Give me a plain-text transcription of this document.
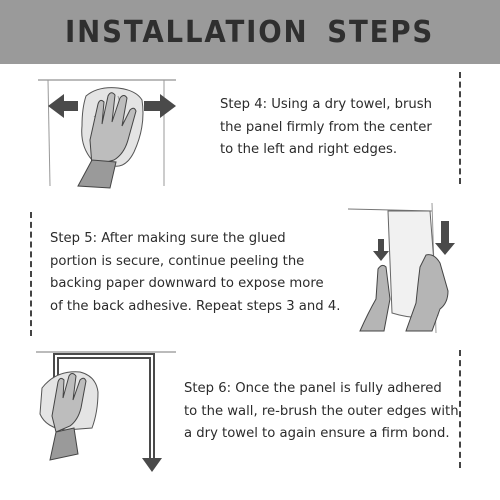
INSTALLATION STEPS

Step 4: Using a dry towel, brush
the panel firmly from the center
to the left and right edges.

Step 5: After making sure the glued
portion is secure, continue peeling the
backing paper downward to expose more
of the back adhesive. Repeat steps 3 and 4.

Step 6: Once the panel is fully adhered
to the wall, re-brush the outer edges with
a dry towel to again ensure a firm bond.
